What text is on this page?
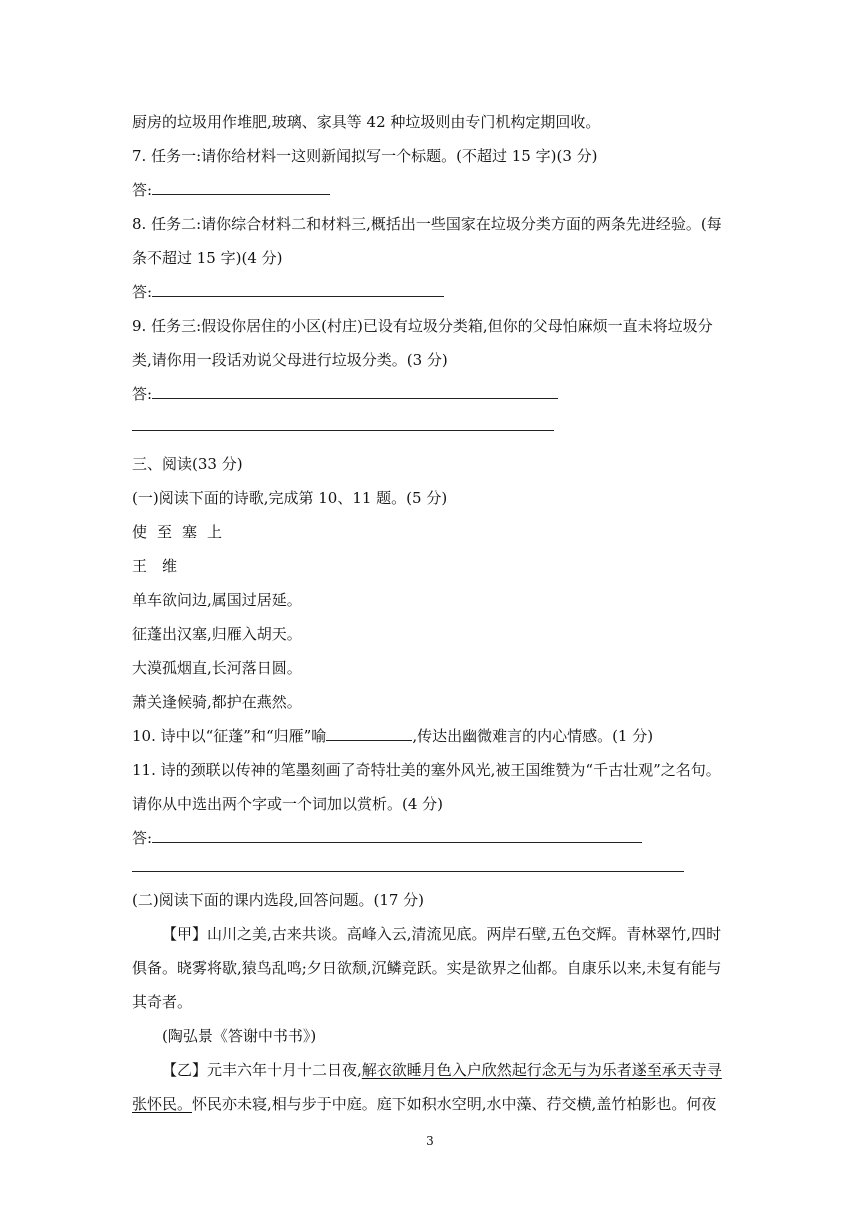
厨房的垃圾用作堆肥,玻璃、家具等 42 种垃圾则由专门机构定期回收。
7. 任务一:请你给材料一这则新闻拟写一个标题。(不超过 15 字)(3 分)
答:
8. 任务二:请你综合材料二和材料三,概括出一些国家在垃圾分类方面的两条先进经验。(每
条不超过 15 字)(4 分)
答:
9. 任务三:假设你居住的小区(村庄)已设有垃圾分类箱,但你的父母怕麻烦一直未将垃圾分
类,请你用一段话劝说父母进行垃圾分类。(3 分)
答:
三、阅读(33 分)
(一)阅读下面的诗歌,完成第 10、11 题。(5 分)
使至塞上
王　维
单车欲问边,属国过居延。
征蓬出汉塞,归雁入胡天。
大漠孤烟直,长河落日圆。
萧关逢候骑,都护在燕然。
10. 诗中以“征蓬”和“归雁”喻	,传达出幽微难言的内心情感。(1 分)
11. 诗的颈联以传神的笔墨刻画了奇特壮美的塞外风光,被王国维赞为“千古壮观”之名句。
请你从中选出两个字或一个词加以赏析。(4 分)
答:
(二)阅读下面的课内选段,回答问题。(17 分)
【甲】山川之美,古来共谈。高峰入云,清流见底。两岸石壁,五色交辉。青林翠竹,四时
俱备。晓雾将歇,猿鸟乱鸣;夕日欲颓,沉鳞竞跃。实是欲界之仙都。自康乐以来,未复有能与
其奇者。
(陶弘景《答谢中书书》)
【乙】元丰六年十月十二日夜,解衣欲睡月色入户欣然起行念无与为乐者遂至承天寺寻
张怀民。怀民亦未寝,相与步于中庭。庭下如积水空明,水中藻、荇交横,盖竹柏影也。何夜
3
